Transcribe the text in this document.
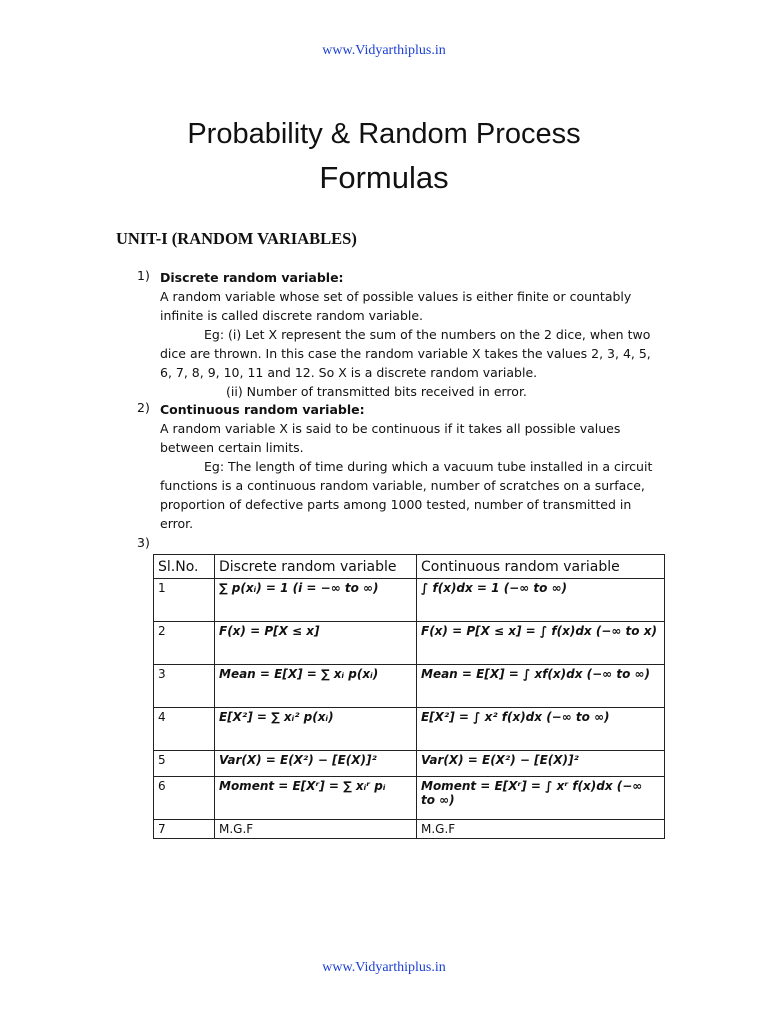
www.Vidyarthiplus.in
Probability & Random Process
Formulas
UNIT-I (RANDOM VARIABLES)
1) Discrete random variable:
A random variable whose set of possible values is either finite or countably infinite is called discrete random variable.
Eg: (i) Let X represent the sum of the numbers on the 2 dice, when two dice are thrown. In this case the random variable X takes the values 2, 3, 4, 5, 6, 7, 8, 9, 10, 11 and 12. So X is a discrete random variable.
(ii) Number of transmitted bits received in error.
2) Continuous random variable:
A random variable X is said to be continuous if it takes all possible values between certain limits.
Eg: The length of time during which a vacuum tube installed in a circuit functions is a continuous random variable, number of scratches on a surface, proportion of defective parts among 1000 tested, number of transmitted in error.
3)
Sl.No.	Discrete random variable	Continuous random variable
1	∑ p(xᵢ) = 1 (i = −∞ to ∞)	∫ f(x)dx = 1 (−∞ to ∞)
2	F(x) = P[X ≤ x]	F(x) = P[X ≤ x] = ∫ f(x)dx (−∞ to x)
3	Mean = E[X] = ∑ xᵢ p(xᵢ)	Mean = E[X] = ∫ xf(x)dx (−∞ to ∞)
4	E[X²] = ∑ xᵢ² p(xᵢ)	E[X²] = ∫ x² f(x)dx (−∞ to ∞)
5	Var(X) = E(X²) − [E(X)]²	Var(X) = E(X²) − [E(X)]²
6	Moment = E[Xʳ] = ∑ xᵢʳ pᵢ	Moment = E[Xʳ] = ∫ xʳ f(x)dx (−∞ to ∞)
7	M.G.F	M.G.F
www.Vidyarthiplus.in
